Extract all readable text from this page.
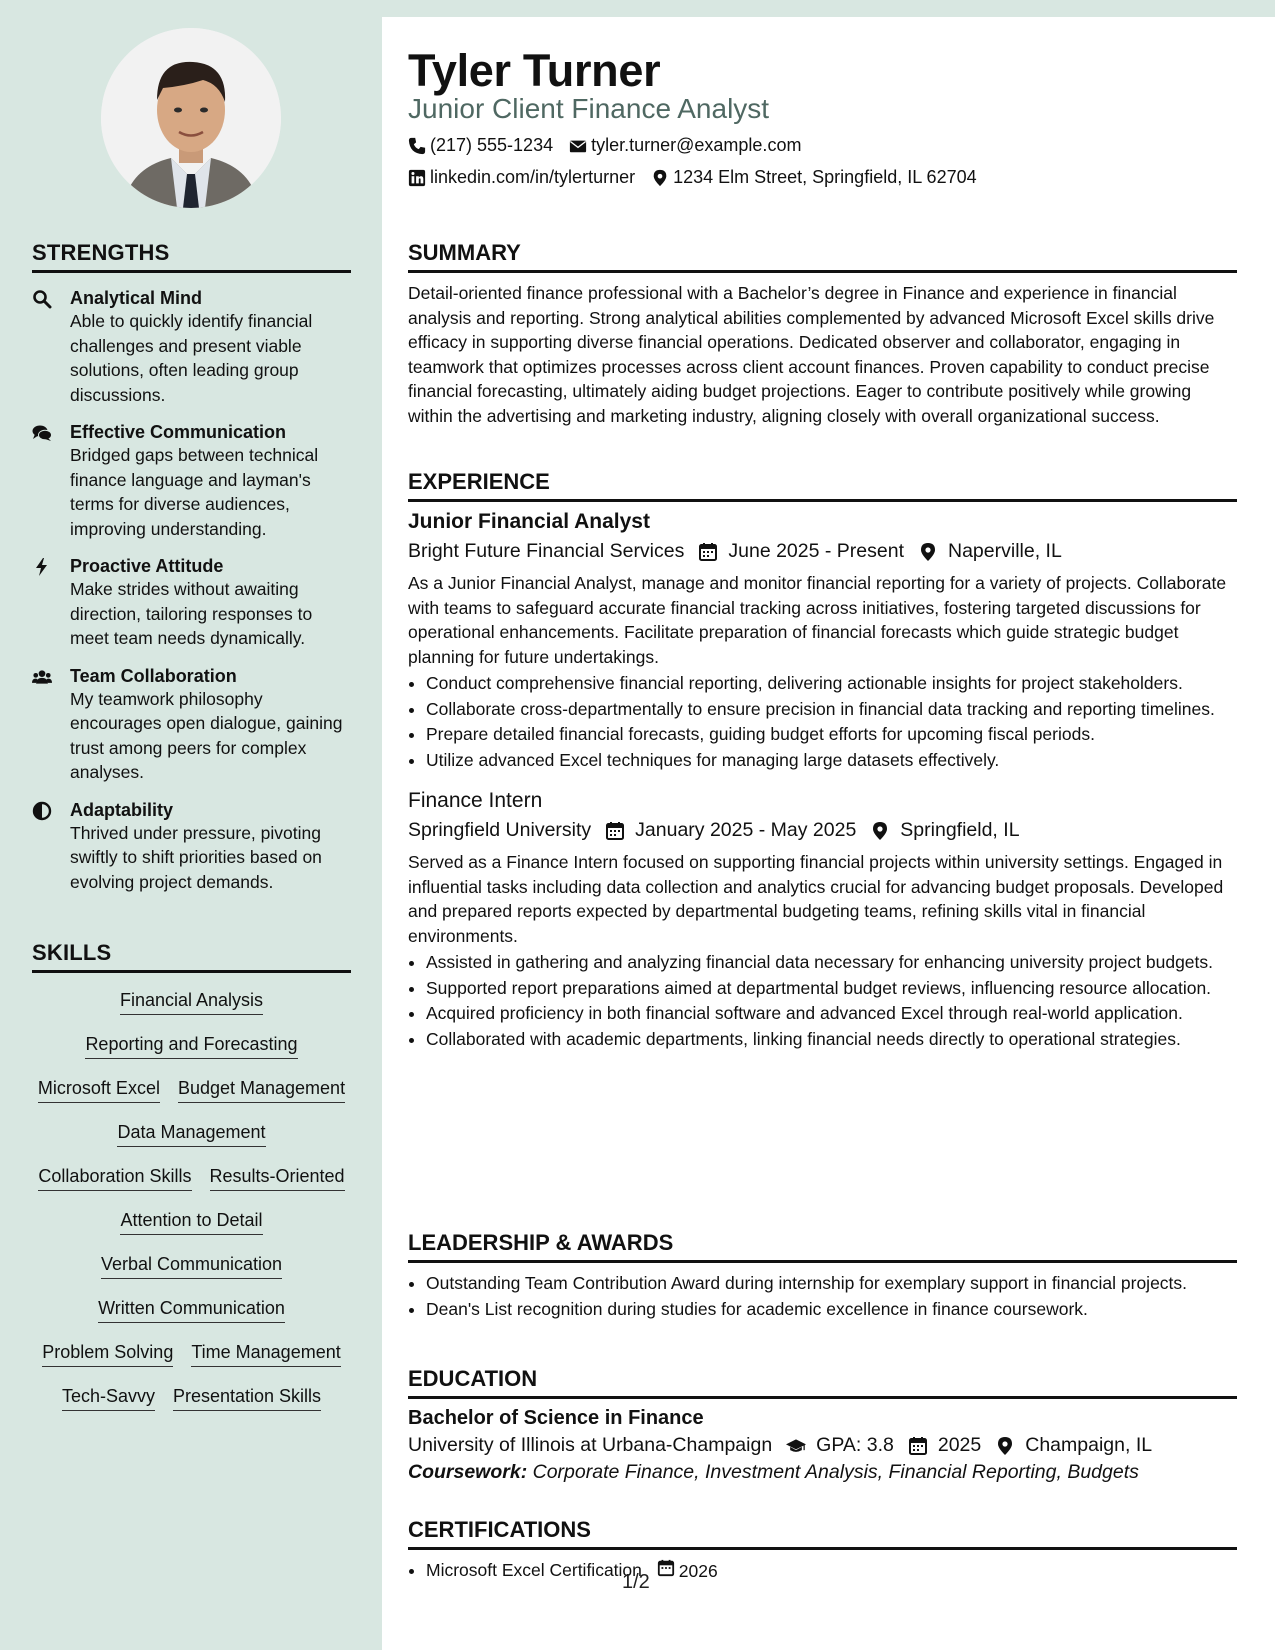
STRENGTHS
Analytical Mind
Able to quickly identify financial challenges and present viable solutions, often leading group discussions.
Effective Communication
Bridged gaps between technical finance language and layman's terms for diverse audiences, improving understanding.
Proactive Attitude
Make strides without awaiting direction, tailoring responses to meet team needs dynamically.
Team Collaboration
My teamwork philosophy encourages open dialogue, gaining trust among peers for complex analyses.
Adaptability
Thrived under pressure, pivoting swiftly to shift priorities based on evolving project demands.
SKILLS
Financial Analysis
Reporting and Forecasting
Microsoft Excel Budget Management
Data Management
Collaboration Skills Results-Oriented
Attention to Detail
Verbal Communication
Written Communication
Problem Solving Time Management
Tech-Savvy Presentation Skills
Tyler Turner
Junior Client Finance Analyst
(217) 555-1234 tyler.turner@example.com
linkedin.com/in/tylerturner 1234 Elm Street, Springfield, IL 62704
SUMMARY
Detail-oriented finance professional with a Bachelor’s degree in Finance and experience in financial analysis and reporting. Strong analytical abilities complemented by advanced Microsoft Excel skills drive efficacy in supporting diverse financial operations. Dedicated observer and collaborator, engaging in teamwork that optimizes processes across client account finances. Proven capability to conduct precise financial forecasting, ultimately aiding budget projections. Eager to contribute positively while growing within the advertising and marketing industry, aligning closely with overall organizational success.
EXPERIENCE
Junior Financial Analyst
Bright Future Financial Services June 2025 - Present Naperville, IL
As a Junior Financial Analyst, manage and monitor financial reporting for a variety of projects. Collaborate with teams to safeguard accurate financial tracking across initiatives, fostering targeted discussions for operational enhancements. Facilitate preparation of financial forecasts which guide strategic budget planning for future undertakings.
• Conduct comprehensive financial reporting, delivering actionable insights for project stakeholders.
• Collaborate cross-departmentally to ensure precision in financial data tracking and reporting timelines.
• Prepare detailed financial forecasts, guiding budget efforts for upcoming fiscal periods.
• Utilize advanced Excel techniques for managing large datasets effectively.
Finance Intern
Springfield University January 2025 - May 2025 Springfield, IL
Served as a Finance Intern focused on supporting financial projects within university settings. Engaged in influential tasks including data collection and analytics crucial for advancing budget proposals. Developed and prepared reports expected by departmental budgeting teams, refining skills vital in financial environments.
• Assisted in gathering and analyzing financial data necessary for enhancing university project budgets.
• Supported report preparations aimed at departmental budget reviews, influencing resource allocation.
• Acquired proficiency in both financial software and advanced Excel through real-world application.
• Collaborated with academic departments, linking financial needs directly to operational strategies.
LEADERSHIP & AWARDS
• Outstanding Team Contribution Award during internship for exemplary support in financial projects.
• Dean's List recognition during studies for academic excellence in finance coursework.
EDUCATION
Bachelor of Science in Finance
University of Illinois at Urbana-Champaign GPA: 3.8 2025 Champaign, IL
Coursework: Corporate Finance, Investment Analysis, Financial Reporting, Budgets
CERTIFICATIONS
• Microsoft Excel Certification 2026
1/2
